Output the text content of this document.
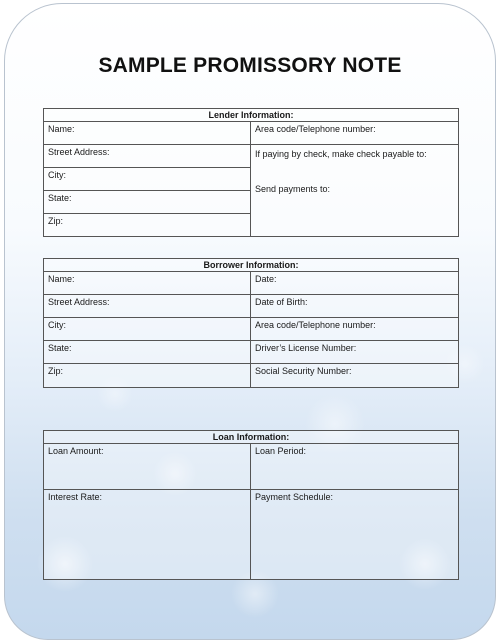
SAMPLE PROMISSORY NOTE
Lender Information:
Name:
Street Address:
City:
State:
Zip:
Area code/Telephone number:
If paying by check, make check payable to:
Send payments to:
Borrower Information:
Name:
Street Address:
City:
State:
Zip:
Date:
Date of Birth:
Area code/Telephone number:
Driver’s License Number:
Social Security Number:
Loan Information:
Loan Amount:
Interest Rate:
Loan Period:
Payment Schedule:
